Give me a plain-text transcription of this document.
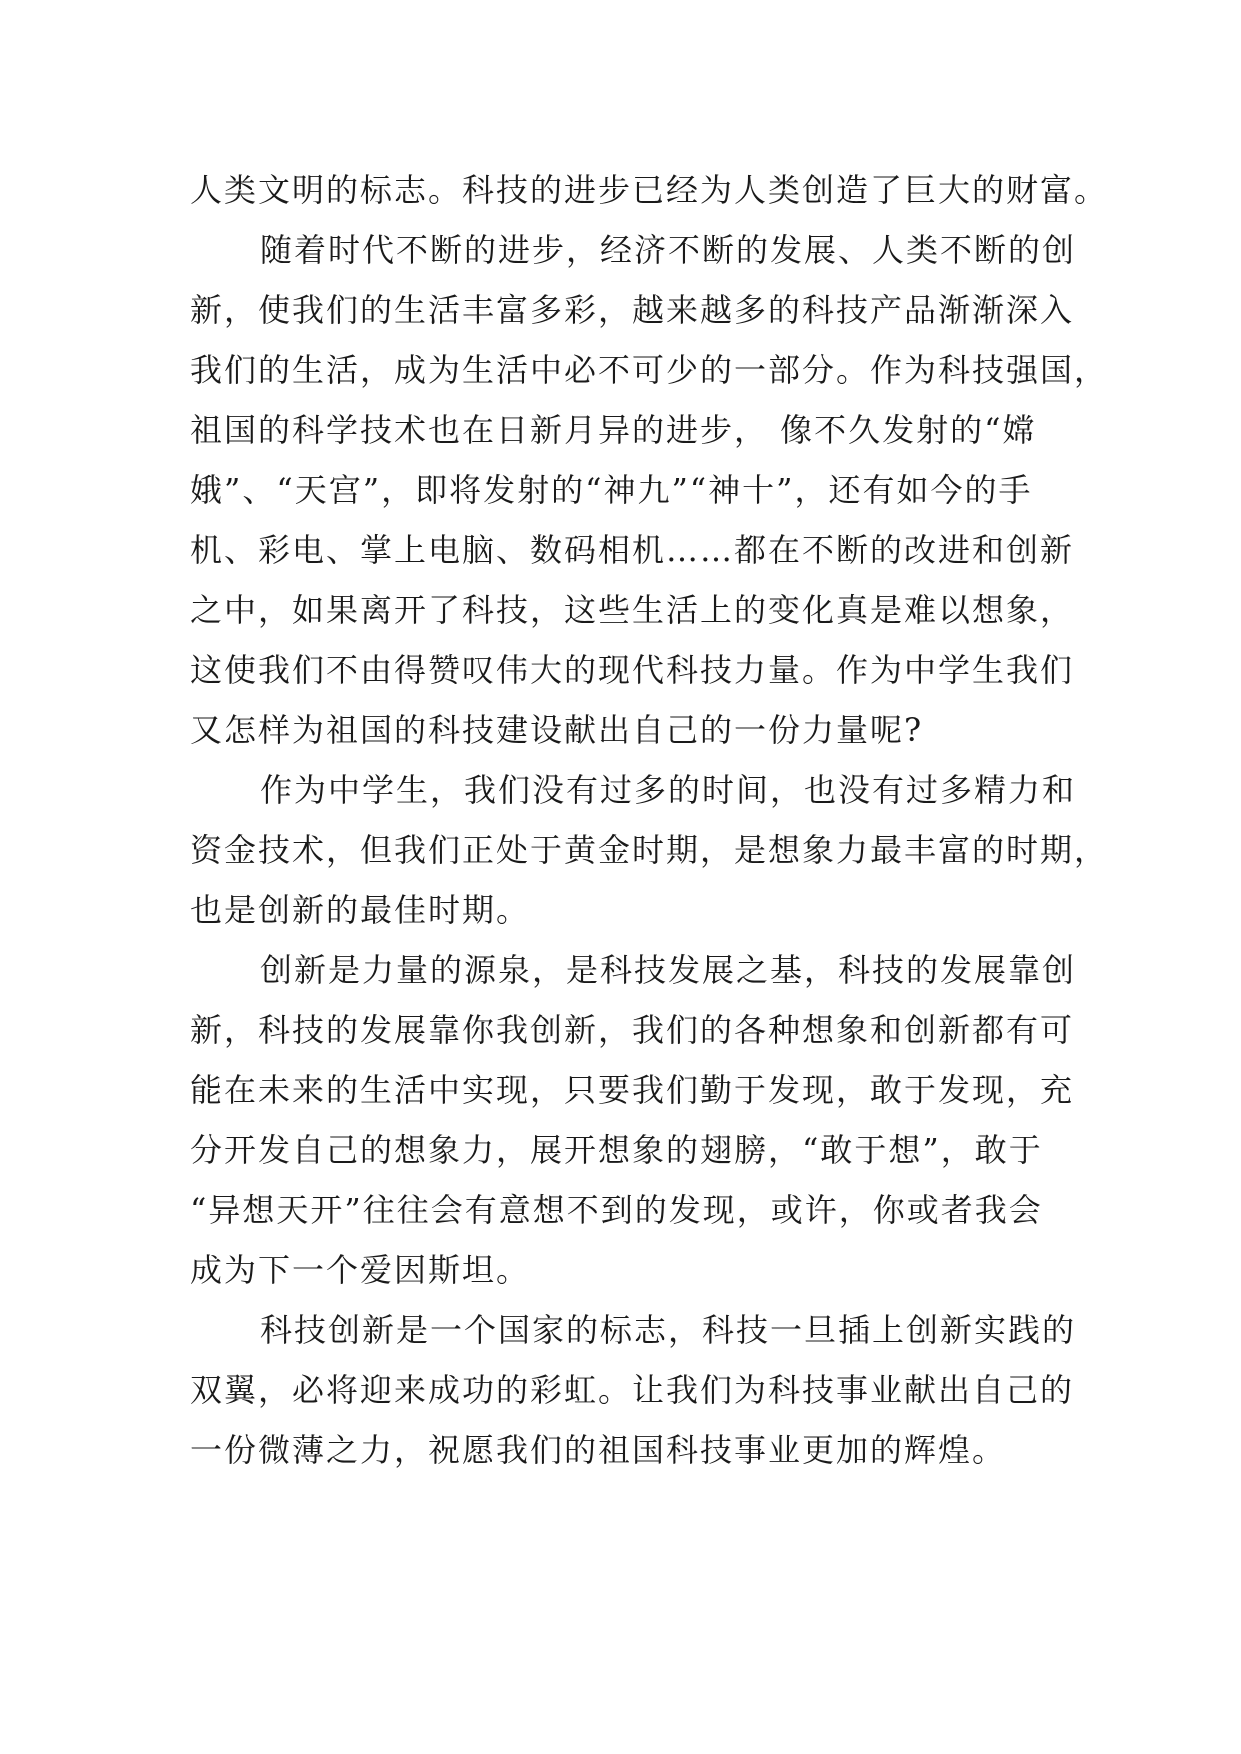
人类文明的标志。科技的进步已经为人类创造了巨大的财富。
随着时代不断的进步，经济不断的发展、人类不断的创
新，使我们的生活丰富多彩，越来越多的科技产品渐渐深入
我们的生活，成为生活中必不可少的一部分。作为科技强国，
祖国的科学技术也在日新月异的进步， 像不久发射的“嫦
娥”、“天宫”，即将发射的“神九”“神十”，还有如今的手
机、彩电、掌上电脑、数码相机……都在不断的改进和创新
之中，如果离开了科技，这些生活上的变化真是难以想象，
这使我们不由得赞叹伟大的现代科技力量。作为中学生我们
又怎样为祖国的科技建设献出自己的一份力量呢?
作为中学生，我们没有过多的时间，也没有过多精力和
资金技术，但我们正处于黄金时期，是想象力最丰富的时期，
也是创新的最佳时期。
创新是力量的源泉，是科技发展之基，科技的发展靠创
新，科技的发展靠你我创新，我们的各种想象和创新都有可
能在未来的生活中实现，只要我们勤于发现，敢于发现，充
分开发自己的想象力，展开想象的翅膀，“敢于想”，敢于
“异想天开”往往会有意想不到的发现，或许，你或者我会
成为下一个爱因斯坦。
科技创新是一个国家的标志，科技一旦插上创新实践的
双翼，必将迎来成功的彩虹。让我们为科技事业献出自己的
一份微薄之力，祝愿我们的祖国科技事业更加的辉煌。
